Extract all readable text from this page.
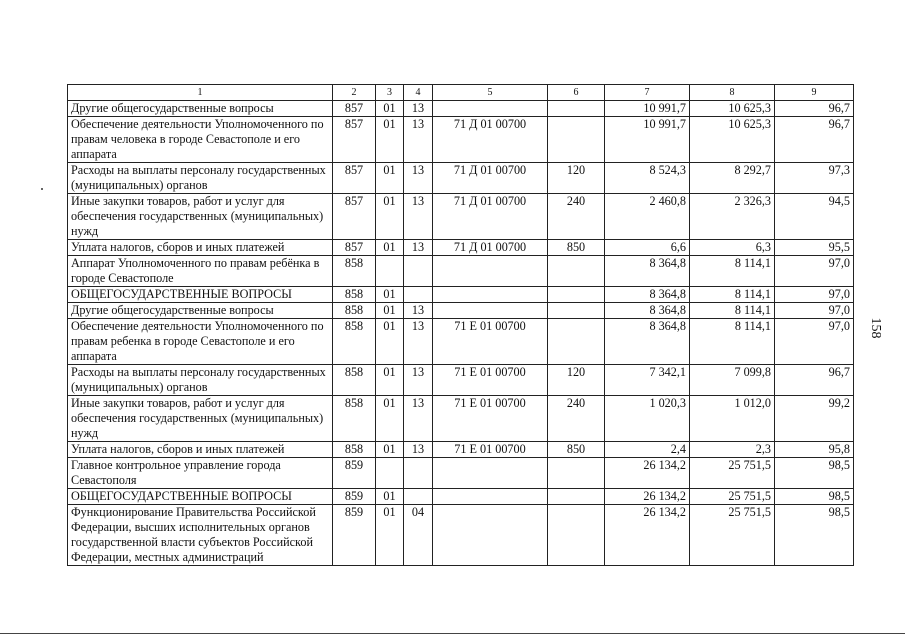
158
1	2	3	4	5	6	7	8	9
Другие общегосударственные вопросы	857	01	13			10 991,7	10 625,3	96,7
Обеспечение деятельности Уполномоченного по правам человека в городе Севастополе и его аппарата	857	01	13	71 Д 01 00700		10 991,7	10 625,3	96,7
Расходы на выплаты персоналу государственных (муниципальных) органов	857	01	13	71 Д 01 00700	120	8 524,3	8 292,7	97,3
Иные закупки товаров, работ и услуг для обеспечения государственных (муниципальных) нужд	857	01	13	71 Д 01 00700	240	2 460,8	2 326,3	94,5
Уплата налогов, сборов и иных платежей	857	01	13	71 Д 01 00700	850	6,6	6,3	95,5
Аппарат Уполномоченного по правам ребёнка в городе Севастополе	858					8 364,8	8 114,1	97,0
ОБЩЕГОСУДАРСТВЕННЫЕ ВОПРОСЫ	858	01				8 364,8	8 114,1	97,0
Другие общегосударственные вопросы	858	01	13			8 364,8	8 114,1	97,0
Обеспечение деятельности Уполномоченного по правам ребенка в городе Севастополе и его аппарата	858	01	13	71 Е 01 00700		8 364,8	8 114,1	97,0
Расходы на выплаты персоналу государственных (муниципальных) органов	858	01	13	71 Е 01 00700	120	7 342,1	7 099,8	96,7
Иные закупки товаров, работ и услуг для обеспечения государственных (муниципальных) нужд	858	01	13	71 Е 01 00700	240	1 020,3	1 012,0	99,2
Уплата налогов, сборов и иных платежей	858	01	13	71 Е 01 00700	850	2,4	2,3	95,8
Главное контрольное управление города Севастополя	859					26 134,2	25 751,5	98,5
ОБЩЕГОСУДАРСТВЕННЫЕ ВОПРОСЫ	859	01				26 134,2	25 751,5	98,5
Функционирование Правительства Российской Федерации, высших исполнительных органов государственной власти субъектов Российской Федерации, местных администраций	859	01	04			26 134,2	25 751,5	98,5
